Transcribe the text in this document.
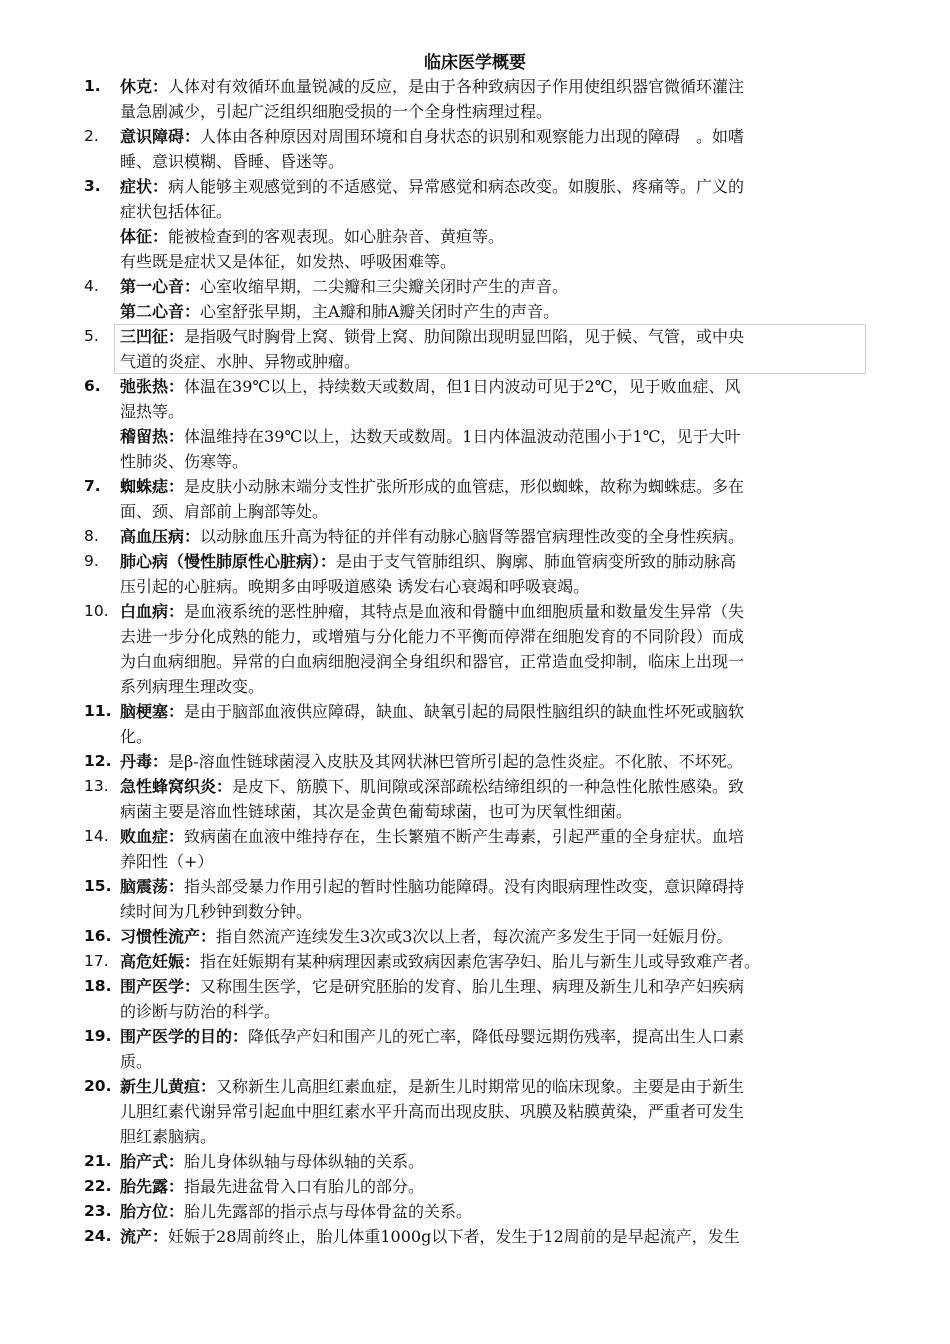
临床医学概要
1.	休克：人体对有效循环血量锐减的反应，是由于各种致病因子作用使组织器官微循环灌注
量急剧减少，引起广泛组织细胞受损的一个全身性病理过程。
2.	意识障碍：人体由各种原因对周围环境和自身状态的识别和观察能力出现的障碍　。如嗜
睡、意识模糊、昏睡、昏迷等。
3.	症状：病人能够主观感觉到的不适感觉、异常感觉和病态改变。如腹胀、疼痛等。广义的
症状包括体征。
体征：能被检查到的客观表现。如心脏杂音、黄疸等。
有些既是症状又是体征，如发热、呼吸困难等。
4.	第一心音：心室收缩早期，二尖瓣和三尖瓣关闭时产生的声音。
第二心音：心室舒张早期，主A瓣和肺A瓣关闭时产生的声音。
5.	三凹征：是指吸气时胸骨上窝、锁骨上窝、肋间隙出现明显凹陷，见于候、气管，或中央
气道的炎症、水肿、异物或肿瘤。
6.	弛张热：体温在39℃以上，持续数天或数周，但1日内波动可见于2℃，见于败血症、风
湿热等。
稽留热：体温维持在39℃以上，达数天或数周。1日内体温波动范围小于1℃，见于大叶
性肺炎、伤寒等。
7.	蜘蛛痣：是皮肤小动脉末端分支性扩张所形成的血管痣，形似蜘蛛，故称为蜘蛛痣。多在
面、颈、肩部前上胸部等处。
8.	高血压病：以动脉血压升高为特征的并伴有动脉心脑肾等器官病理性改变的全身性疾病。
9.	肺心病（慢性肺原性心脏病）：是由于支气管肺组织、胸廓、肺血管病变所致的肺动脉高
压引起的心脏病。晚期多由呼吸道感染 诱发右心衰竭和呼吸衰竭。
10. 白血病：是血液系统的恶性肿瘤，其特点是血液和骨髓中血细胞质量和数量发生异常（失
去进一步分化成熟的能力，或增殖与分化能力不平衡而停滞在细胞发育的不同阶段）而成
为白血病细胞。异常的白血病细胞浸润全身组织和器官，正常造血受抑制，临床上出现一
系列病理生理改变。
11. 脑梗塞：是由于脑部血液供应障碍，缺血、缺氧引起的局限性脑组织的缺血性坏死或脑软
化。
12. 丹毒：是β-溶血性链球菌浸入皮肤及其网状淋巴管所引起的急性炎症。不化脓、不坏死。
13. 急性蜂窝织炎：是皮下、筋膜下、肌间隙或深部疏松结缔组织的一种急性化脓性感染。致
病菌主要是溶血性链球菌，其次是金黄色葡萄球菌，也可为厌氧性细菌。
14. 败血症：致病菌在血液中维持存在，生长繁殖不断产生毒素，引起严重的全身症状。血培
养阳性（+）
15. 脑震荡：指头部受暴力作用引起的暂时性脑功能障碍。没有肉眼病理性改变，意识障碍持
续时间为几秒钟到数分钟。
16. 习惯性流产：指自然流产连续发生3次或3次以上者，每次流产多发生于同一妊娠月份。
17. 高危妊娠：指在妊娠期有某种病理因素或致病因素危害孕妇、胎儿与新生儿或导致难产者。
18. 围产医学：又称围生医学，它是研究胚胎的发育、胎儿生理、病理及新生儿和孕产妇疾病
的诊断与防治的科学。
19. 围产医学的目的：降低孕产妇和围产儿的死亡率，降低母婴远期伤残率，提高出生人口素
质。
20. 新生儿黄疸：又称新生儿高胆红素血症，是新生儿时期常见的临床现象。主要是由于新生
儿胆红素代谢异常引起血中胆红素水平升高而出现皮肤、巩膜及粘膜黄染，严重者可发生
胆红素脑病。
21. 胎产式：胎儿身体纵轴与母体纵轴的关系。
22. 胎先露：指最先进盆骨入口有胎儿的部分。
23. 胎方位：胎儿先露部的指示点与母体骨盆的关系。
24. 流产：妊娠于28周前终止，胎儿体重1000g以下者，发生于12周前的是早起流产，发生
